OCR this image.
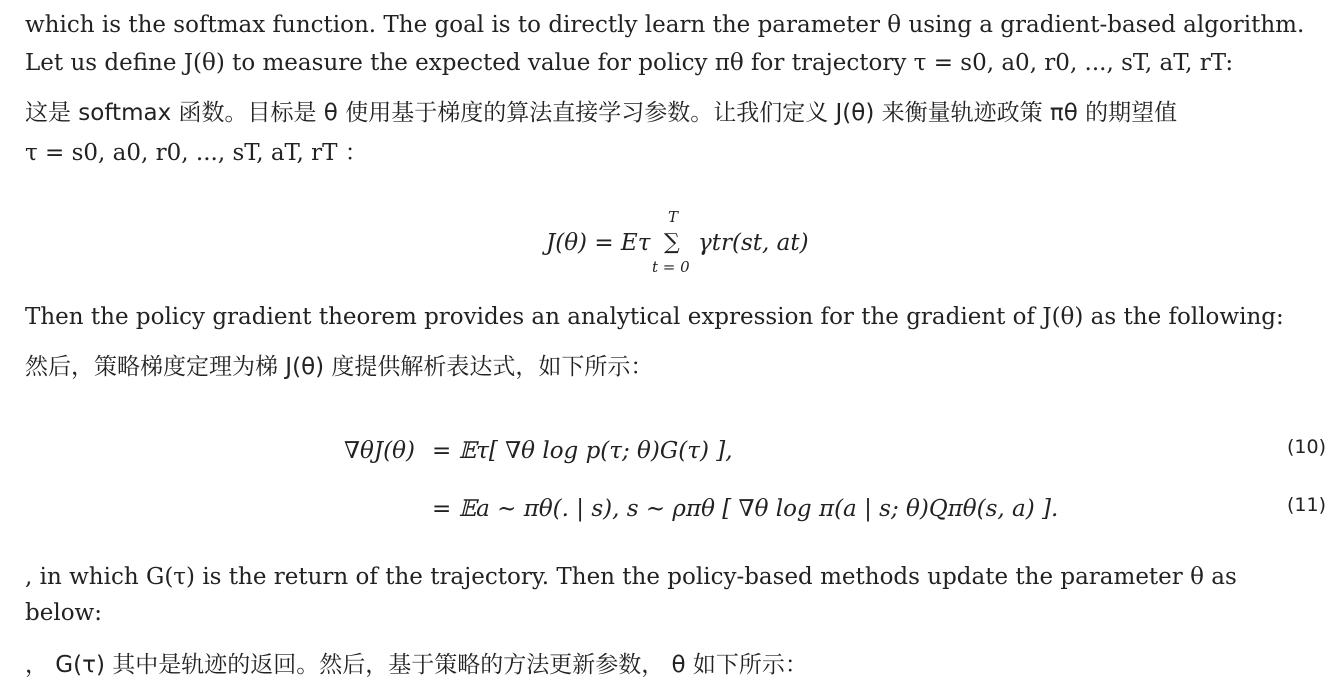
which is the softmax function. The goal is to directly learn the parameter θ using a gradient-based algorithm.
Let us define J(θ) to measure the expected value for policy πθ for trajectory τ = s0, a0, r0, ..., sT, aT, rT:
这是 softmax 函数。目标是 θ 使用基于梯度的算法直接学习参数。让我们定义 J(θ) 来衡量轨迹政策 πθ 的期望值
τ = s0, a0, r0, ..., sT, aT, rT ：
J(θ) = Eτ
T
∑
t = 0
γtr(st, at)
Then the policy gradient theorem provides an analytical expression for the gradient of J(θ) as the following:
然后，策略梯度定理为梯 J(θ) 度提供解析表达式，如下所示：
∇θJ(θ) = 𝔼τ[ ∇θ log p(τ; θ)G(τ) ],	(10)
= 𝔼a ~ πθ(. | s), s ~ ρπθ [ ∇θ log π(a | s; θ)Qπθ(s, a) ].	(11)
, in which G(τ) is the return of the trajectory. Then the policy-based methods update the parameter θ as
below:
， G(τ) 其中是轨迹的返回。然后，基于策略的方法更新参数， θ 如下所示：
